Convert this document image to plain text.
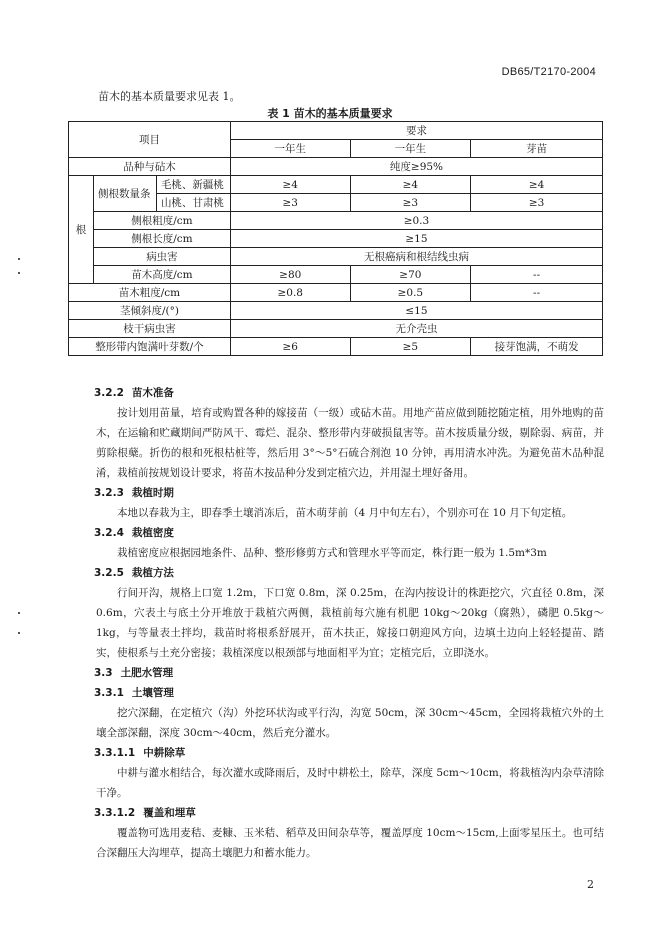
DB65/T2170-2004
苗木的基本质量要求见表 1。
表 1 苗木的基本质量要求
项目			要求		
			一年生	一年生	芽苗
品种与砧木			纯度≥95%		
根	侧根数量条	毛桃、新疆桃	≥4	≥4	≥4
		山桃、甘肃桃	≥3	≥3	≥3
	侧根粗度/cm		≥0.3		
	侧根长度/cm		≥15		
	病虫害		无根癌病和根结线虫病		
	苗木高度/cm		≥80	≥70	--
苗木粗度/cm			≥0.8	≥0.5	--
茎倾斜度/(°)			≤15		
枝干病虫害			无介壳虫		
整形带内饱满叶芽数/个			≥6	≥5	接芽饱满，不萌发

3.2.2 苗木准备

按计划用苗量，培育或购置各种的嫁接苗（一级）或砧木苗。用地产苗应做到随挖随定植，用外地购的苗木，在运输和贮藏期间严防风干、霉烂、混杂、整形带内芽破损鼠害等。苗木按质量分级，剔除弱、病苗，并剪除根蘖。折伤的根和死根枯桩等，然后用 3°～5°石硫合剂泡 10 分钟，再用清水冲洗。为避免苗木品种混淆，栽植前按规划设计要求，将苗木按品种分发到定植穴边，并用湿土埋好备用。

3.2.3 栽植时期

本地以春栽为主，即春季土壤消冻后，苗木萌芽前（4 月中旬左右），个别亦可在 10 月下旬定植。

3.2.4 栽植密度

栽植密度应根据园地条件、品种、整形修剪方式和管理水平等而定，株行距一般为 1.5m*3m

3.2.5 栽植方法

行间开沟，规格上口宽 1.2m，下口宽 0.8m，深 0.25m，在沟内按设计的株距挖穴，穴直径 0.8m，深 0.6m，穴表土与底土分开堆放于栽植穴两侧，栽植前每穴施有机肥 10kg～20kg（腐熟），磷肥 0.5kg～1kg，与等量表土拌均，栽苗时将根系舒展开，苗木扶正，嫁接口朝迎风方向，边填土边向上轻轻提苗、踏实，使根系与土充分密接；栽植深度以根颈部与地面相平为宜；定植完后，立即浇水。

3.3 土肥水管理

3.3.1 土壤管理

挖穴深翻，在定植穴（沟）外挖环状沟或平行沟，沟宽 50cm，深 30cm～45cm，全园将栽植穴外的土壤全部深翻，深度 30cm～40cm，然后充分灌水。

3.3.1.1 中耕除草

中耕与灌水相结合，每次灌水或降雨后，及时中耕松土，除草，深度 5cm～10cm，将栽植沟内杂草清除干净。

3.3.1.2 覆盖和埋草

覆盖物可选用麦秸、麦糠、玉米秸、稻草及田间杂草等，覆盖厚度 10cm～15cm,上面零星压土。也可结合深翻压大沟埋草，提高土壤肥力和蓄水能力。

2
